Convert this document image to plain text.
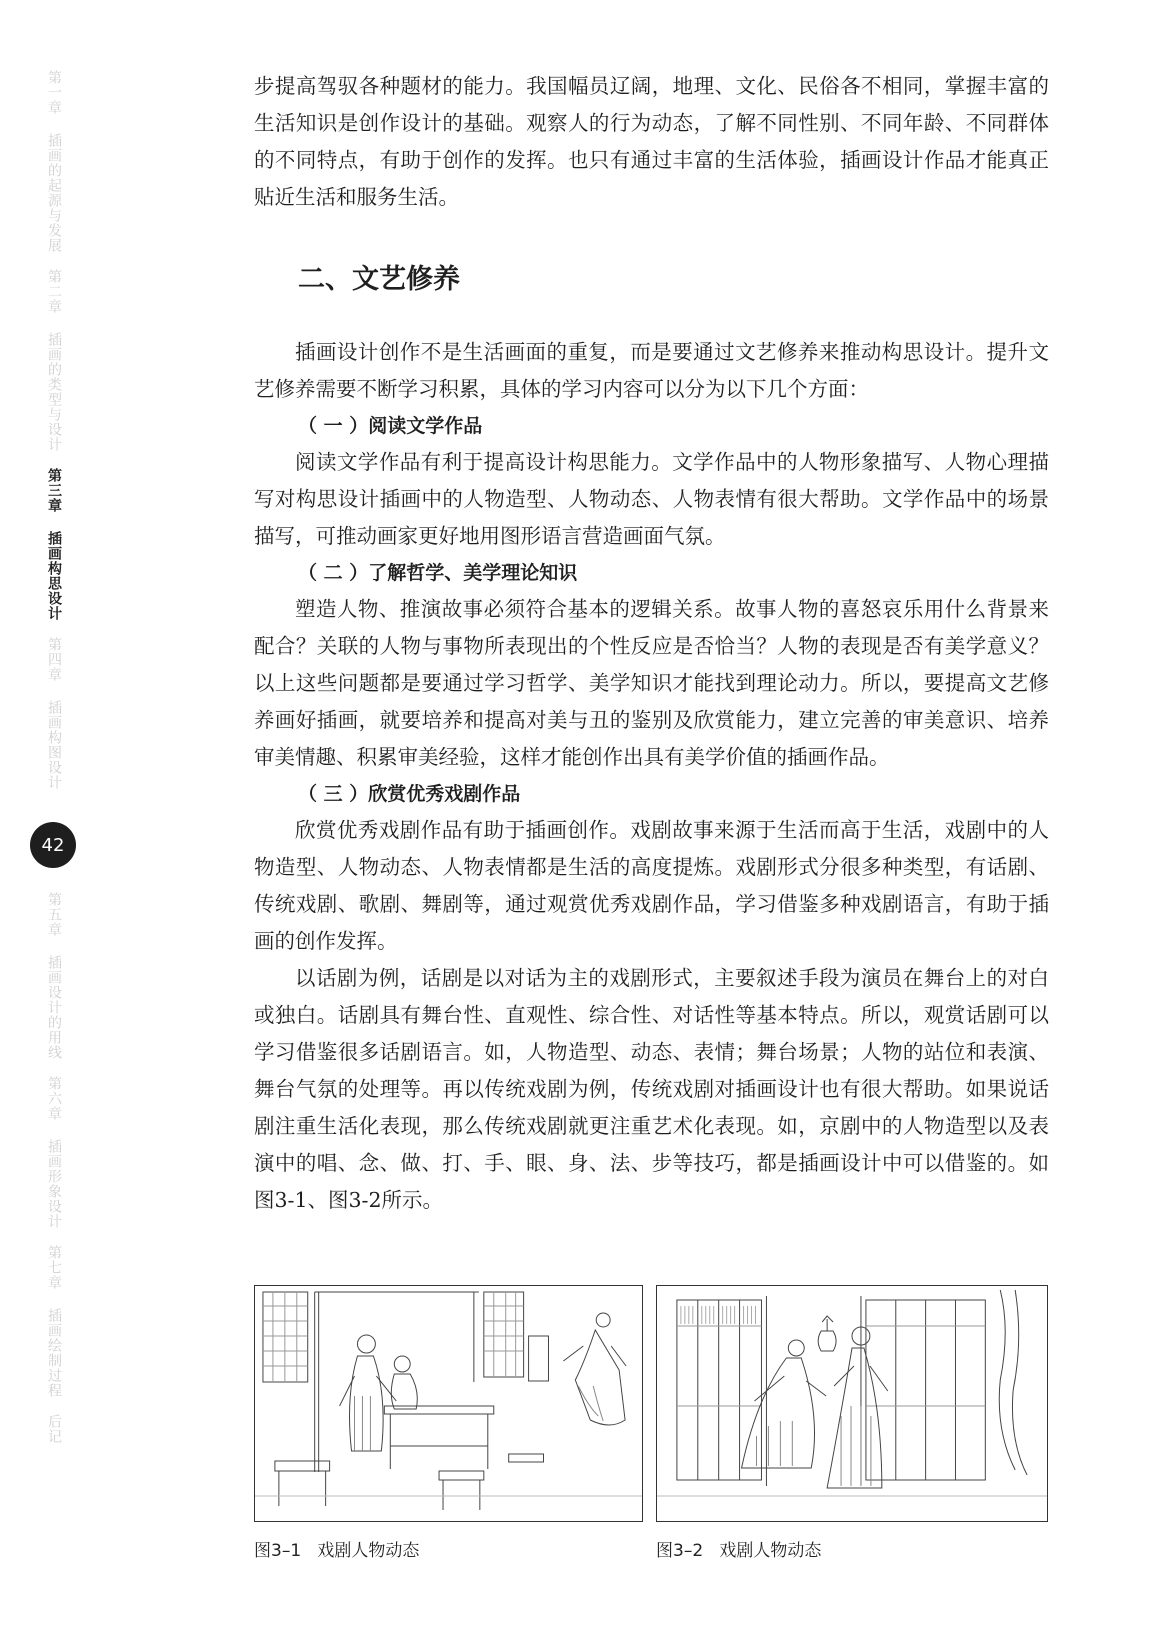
第一章
插画的起源与发展
第二章
插画的类型与设计
第三章
插画构思设计
第四章
插画构图设计
第五章
插画设计的用线
第六章
插画形象设计
第七章
插画绘制过程
后记
42

步提高驾驭各种题材的能力。我国幅员辽阔，地理、文化、民俗各不相同，掌握丰富的生活知识是创作设计的基础。观察人的行为动态，了解不同性别、不同年龄、不同群体的不同特点，有助于创作的发挥。也只有通过丰富的生活体验，插画设计作品才能真正贴近生活和服务生活。

二、文艺修养

插画设计创作不是生活画面的重复，而是要通过文艺修养来推动构思设计。提升文艺修养需要不断学习积累，具体的学习内容可以分为以下几个方面：

（ 一 ）阅读文学作品

阅读文学作品有利于提高设计构思能力。文学作品中的人物形象描写、人物心理描写对构思设计插画中的人物造型、人物动态、人物表情有很大帮助。文学作品中的场景描写，可推动画家更好地用图形语言营造画面气氛。

（ 二 ）了解哲学、美学理论知识

塑造人物、推演故事必须符合基本的逻辑关系。故事人物的喜怒哀乐用什么背景来配合？关联的人物与事物所表现出的个性反应是否恰当？人物的表现是否有美学意义？以上这些问题都是要通过学习哲学、美学知识才能找到理论动力。所以，要提高文艺修养画好插画，就要培养和提高对美与丑的鉴别及欣赏能力，建立完善的审美意识、培养审美情趣、积累审美经验，这样才能创作出具有美学价值的插画作品。

（ 三 ）欣赏优秀戏剧作品

欣赏优秀戏剧作品有助于插画创作。戏剧故事来源于生活而高于生活，戏剧中的人物造型、人物动态、人物表情都是生活的高度提炼。戏剧形式分很多种类型，有话剧、传统戏剧、歌剧、舞剧等，通过观赏优秀戏剧作品，学习借鉴多种戏剧语言，有助于插画的创作发挥。

以话剧为例，话剧是以对话为主的戏剧形式，主要叙述手段为演员在舞台上的对白或独白。话剧具有舞台性、直观性、综合性、对话性等基本特点。所以，观赏话剧可以学习借鉴很多话剧语言。如，人物造型、动态、表情；舞台场景；人物的站位和表演、舞台气氛的处理等。再以传统戏剧为例，传统戏剧对插画设计也有很大帮助。如果说话剧注重生活化表现，那么传统戏剧就更注重艺术化表现。如，京剧中的人物造型以及表演中的唱、念、做、打、手、眼、身、法、步等技巧，都是插画设计中可以借鉴的。如图3-1、图3-2所示。

图3–1   戏剧人物动态	图3–2   戏剧人物动态
